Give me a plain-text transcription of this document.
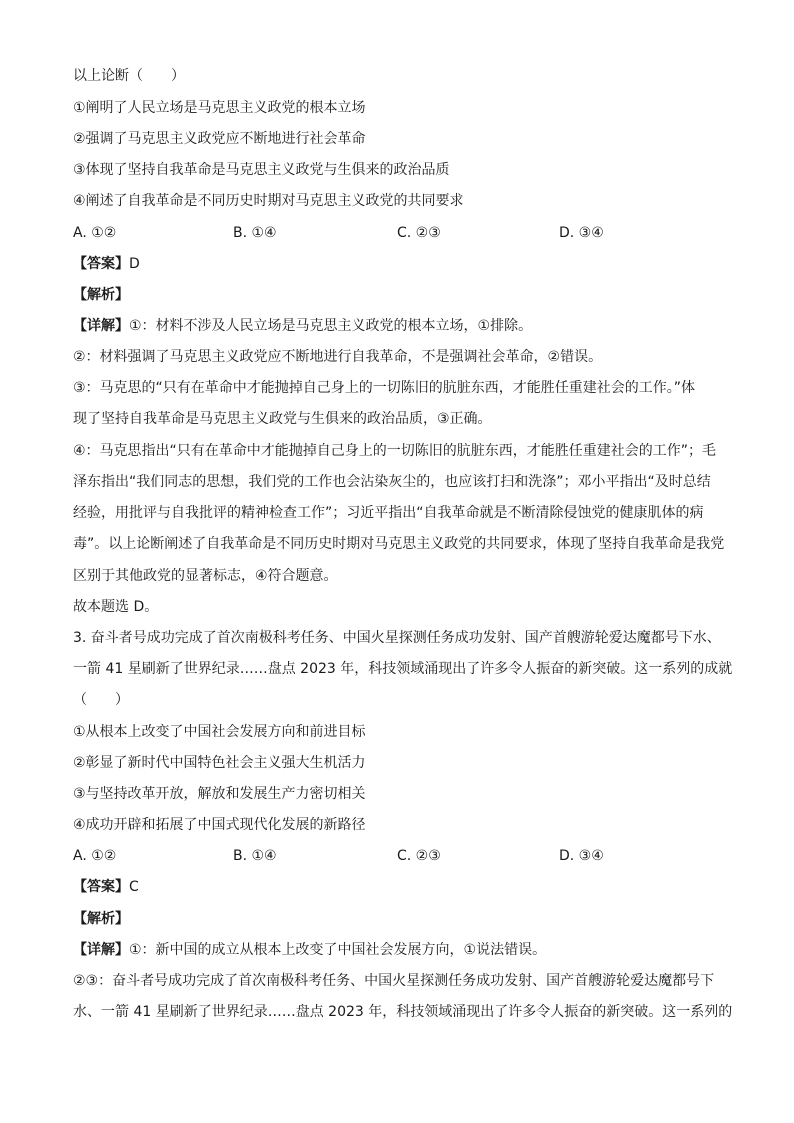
以上论断（　　）
①阐明了人民立场是马克思主义政党的根本立场
②强调了马克思主义政党应不断地进行社会革命
③体现了坚持自我革命是马克思主义政党与生俱来的政治品质
④阐述了自我革命是不同历史时期对马克思主义政党的共同要求
A. ①②	B. ①④	C. ②③	D. ③④
【答案】D
【解析】
【详解】①：材料不涉及人民立场是马克思主义政党的根本立场，①排除。
②：材料强调了马克思主义政党应不断地进行自我革命，不是强调社会革命，②错误。
③：马克思的“只有在革命中才能抛掉自己身上的一切陈旧的肮脏东西，才能胜任重建社会的工作。”体
现了坚持自我革命是马克思主义政党与生俱来的政治品质，③正确。
④：马克思指出“只有在革命中才能抛掉自己身上的一切陈旧的肮脏东西，才能胜任重建社会的工作”；毛
泽东指出“我们同志的思想，我们党的工作也会沾染灰尘的，也应该打扫和洗涤”；邓小平指出“及时总结
经验，用批评与自我批评的精神检查工作”；习近平指出“自我革命就是不断清除侵蚀党的健康肌体的病
毒”。以上论断阐述了自我革命是不同历史时期对马克思主义政党的共同要求，体现了坚持自我革命是我党
区别于其他政党的显著标志，④符合题意。
故本题选 D。
3. 奋斗者号成功完成了首次南极科考任务、中国火星探测任务成功发射、国产首艘游轮爱达魔都号下水、
一箭 41 星刷新了世界纪录……盘点 2023 年，科技领域涌现出了许多令人振奋的新突破。这一系列的成就
（　　）
①从根本上改变了中国社会发展方向和前进目标
②彰显了新时代中国特色社会主义强大生机活力
③与坚持改革开放，解放和发展生产力密切相关
④成功开辟和拓展了中国式现代化发展的新路径
A. ①②	B. ①④	C. ②③	D. ③④
【答案】C
【解析】
【详解】①：新中国的成立从根本上改变了中国社会发展方向，①说法错误。
②③：奋斗者号成功完成了首次南极科考任务、中国火星探测任务成功发射、国产首艘游轮爱达魔都号下
水、一箭 41 星刷新了世界纪录……盘点 2023 年，科技领域涌现出了许多令人振奋的新突破。这一系列的
